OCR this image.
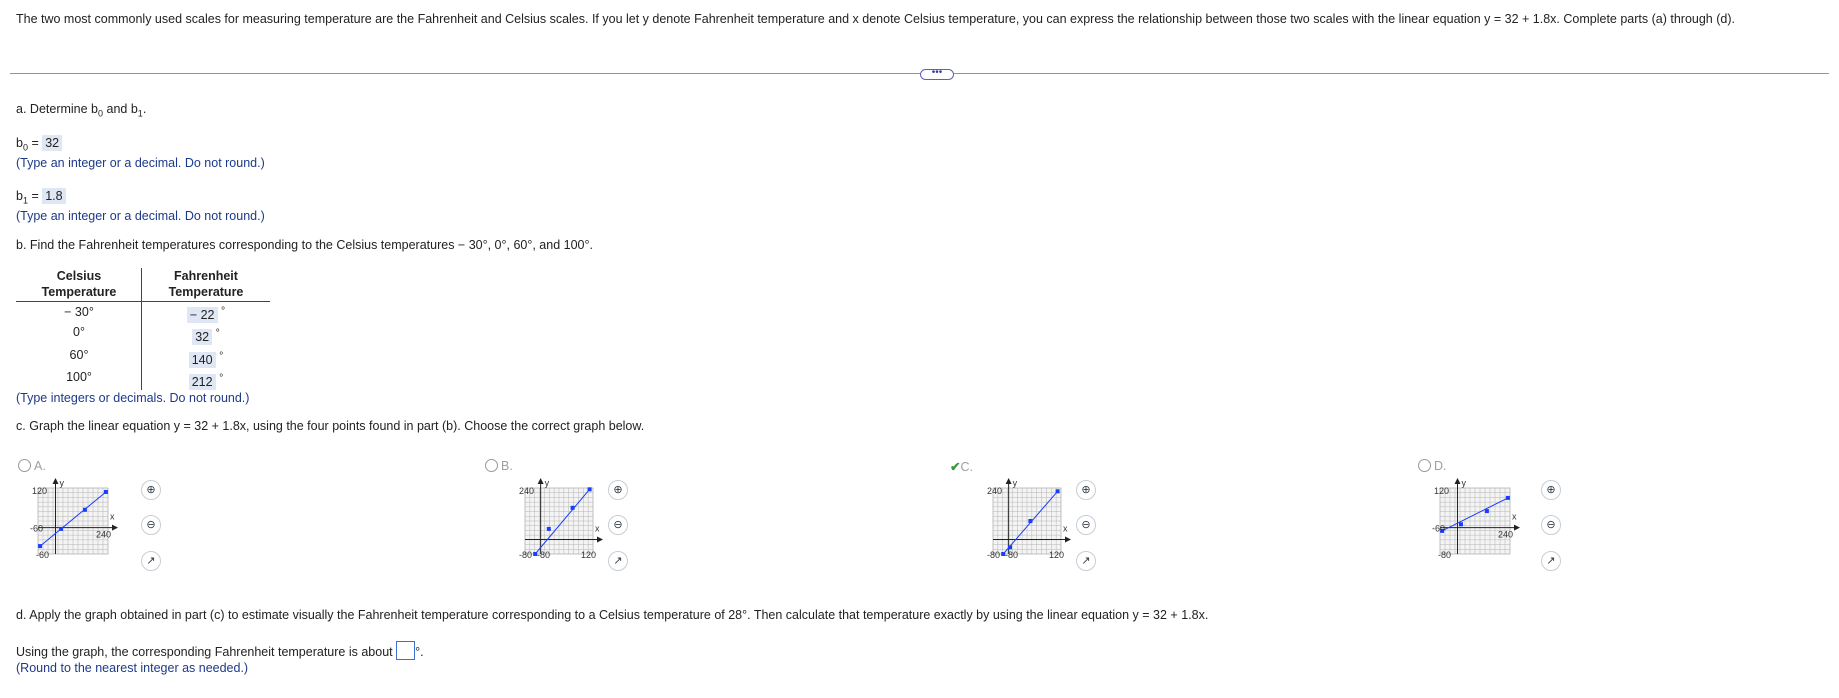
The two most commonly used scales for measuring temperature are the Fahrenheit and Celsius scales. If you let y denote Fahrenheit temperature and x denote Celsius temperature, you can express the relationship between those two scales with the linear equation y = 32 + 1.8x. Complete parts (a) through (d).
•••
a. Determine $b_0$ and $b_1$.
$b_0 = 32$
(Type an integer or a decimal. Do not round.)
$b_1 = 1.8$
(Type an integer or a decimal. Do not round.)
b. Find the Fahrenheit temperatures corresponding to the Celsius temperatures − 30°, 0°, 60°, and 100°.
Celsius
Temperature
Fahrenheit
Temperature
− 30°	− 22 °
0°	32 °
60°	140 °
100°	212 °
(Type integers or decimals. Do not round.)
c. Graph the linear equation y = 32 + 1.8x, using the four points found in part (b). Choose the correct graph below.
A.
y
x
120
240
-60
-60
⊕
⊖
↗
B.
y
x
240
120
-80 -80
⊕
⊖
↗
✔C.
y
x
240
120
-80 -80
⊕
⊖
↗
D.
y
x
120
240
-60
-80
⊕
⊖
↗
d. Apply the graph obtained in part (c) to estimate visually the Fahrenheit temperature corresponding to a Celsius temperature of 28°. Then calculate that temperature exactly by using the linear equation y = 32 + 1.8x.
Using the graph, the corresponding Fahrenheit temperature is about °.
(Round to the nearest integer as needed.)
